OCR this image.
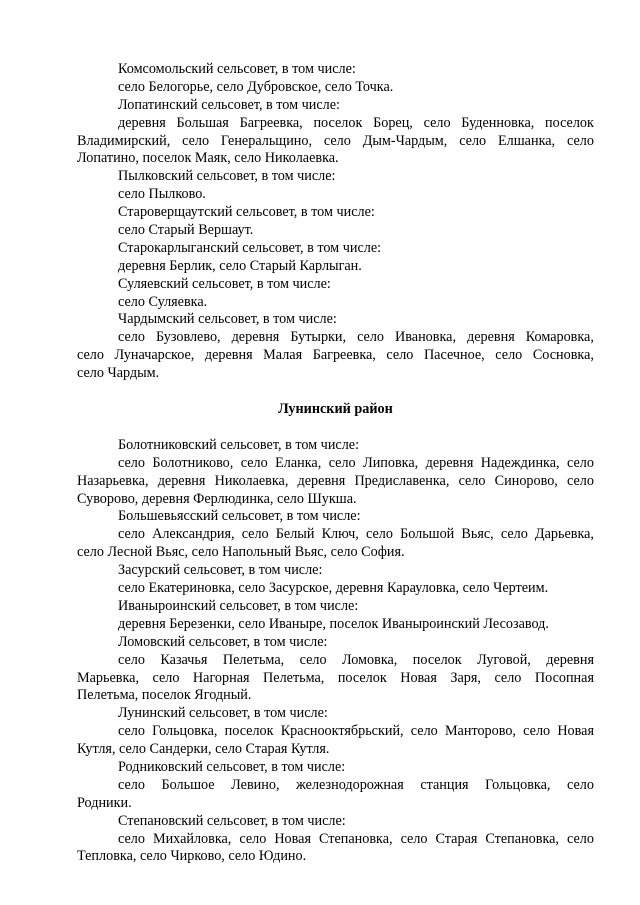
Комсомольский сельсовет, в том числе:
село Белогорье, село Дубровское, село Точка.
Лопатинский сельсовет, в том числе:
деревня Большая Багреевка, поселок Борец, село Буденновка, поселок
Владимирский, село Генеральщино, село Дым-Чардым, село Елшанка, село
Лопатино, поселок Маяк, село Николаевка.
Пылковский сельсовет, в том числе:
село Пылково.
Староверщаутский сельсовет, в том числе:
село Старый Вершаут.
Старокарлыганский сельсовет, в том числе:
деревня Берлик, село Старый Карлыган.
Суляевский сельсовет, в том числе:
село Суляевка.
Чардымский сельсовет, в том числе:
село Бузовлево, деревня Бутырки, село Ивановка, деревня Комаровка,
село Луначарское, деревня Малая Багреевка, село Пасечное, село Сосновка,
село Чардым.
Лунинский район
Болотниковский сельсовет, в том числе:
село Болотниково, село Еланка, село Липовка, деревня Надеждинка, село
Назарьевка, деревня Николаевка, деревня Предиславенка, село Синорово, село
Суворово, деревня Ферлюдинка, село Шукша.
Большевьясский сельсовет, в том числе:
село Александрия, село Белый Ключ, село Большой Вьяс, село Дарьевка,
село Лесной Вьяс, село Напольный Вьяс, село София.
Засурский сельсовет, в том числе:
село Екатериновка, село Засурское, деревня Карауловка, село Чертеим.
Иваныроинский сельсовет, в том числе:
деревня Березенки, село Иваныре, поселок Иваныроинский Лесозавод.
Ломовский сельсовет, в том числе:
село Казачья Пелетьма, село Ломовка, поселок Луговой, деревня
Марьевка, село Нагорная Пелетьма, поселок Новая Заря, село Посопная
Пелетьма, поселок Ягодный.
Лунинский сельсовет, в том числе:
село Гольцовка, поселок Краснооктябрьский, село Манторово, село Новая
Кутля, село Сандерки, село Старая Кутля.
Родниковский сельсовет, в том числе:
село Большое Левино, железнодорожная станция Гольцовка, село
Родники.
Степановский сельсовет, в том числе:
село Михайловка, село Новая Степановка, село Старая Степановка, село
Тепловка, село Чирково, село Юдино.
